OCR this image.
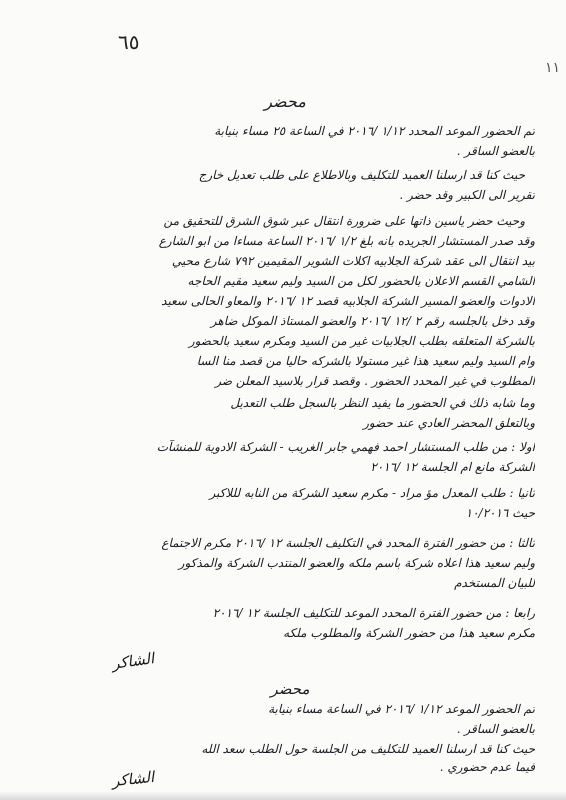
٦٥
١١
محضر
تم الحضور الموعد المحدد ١/١٢ /٢٠١٦ في الساعة ٢٥ مساء بنيابة
بالعضو الساقر .
حيث كنا قد ارسلنا العميد للتكليف وبالاطلاع على طلب تعديل خارج
تقرير الى الكبير وقد حضر .
وحيث حضر ياسين ذاتها على ضرورة انتقال عبر شوق الشرق للتحقيق من
وقد صدر المستشار الجريده بانه بلغ ١/٢ /٢٠١٦ الساعة مساءا من ابو الشارع
بيد انتقال الى عقد شركة الجلابيه اكلات الشوير المقيمين ٧٩٢ شارع محيي
الشامي القسم الاعلان بالحضور لكل من السيد وليم سعيد مقيم الحاجه
الادوات والعضو المسير الشركة الجلابيه قصد ١٢ /٢٠١٦ والمعاو الحالى سعيد
وقد دخل بالجلسه رقم ٢ /١٢ /٢٠١٦ والعضو المستاذ الموكل ضاهر
بالشركة المتعلقه بطلب الجلابيات غير من السيد ومكرم سعيد بالحضور
وام السيد وليم سعيد هذا غير مستولا بالشركه حاليا من قصد منا السا
المطلوب في غير المحدد الحضور . وقصد قرار بلاسيد المعلن ضر
وما شابه ذلك في الحضور ما يفيد النظر بالسجل طلب التعديل
وبالتعلق المحضر العادي عند حضور
اولا : من طلب المستشار احمد فهمي جابر الغريب - الشركة الادوية للمنشآت
الشركة مانع ام الجلسة ١٢ /٢٠١٦
ثانيا : طلب المعدل مؤ مراد - مكرم سعيد الشركة من النابه لللاكبر
حيث ١٠/٢٠١٦
ثالثا : من حضور الفترة المحدد في التكليف الجلسة ١٢ /٢٠١٦ مكرم الاجتماع
وليم سعيد هذا اعلاه شركة باسم ملكه والعضو المنتدب الشركة والمذكور
للبيان المستخدم
رابعا : من حضور الفترة المحدد الموعد للتكليف الجلسة ١٢ /٢٠١٦
مكرم سعيد هذا من حضور الشركة والمطلوب ملكه
الشاكر
محضر
تم الحضور الموعد ١/١٢ /٢٠١٦ في الساعة مساء بنيابة
بالعضو الساقر .
حيث كنا قد ارسلنا العميد للتكليف من الجلسة حول الطلب سعد الله
فيما عدم حضوري .
الشاكر
